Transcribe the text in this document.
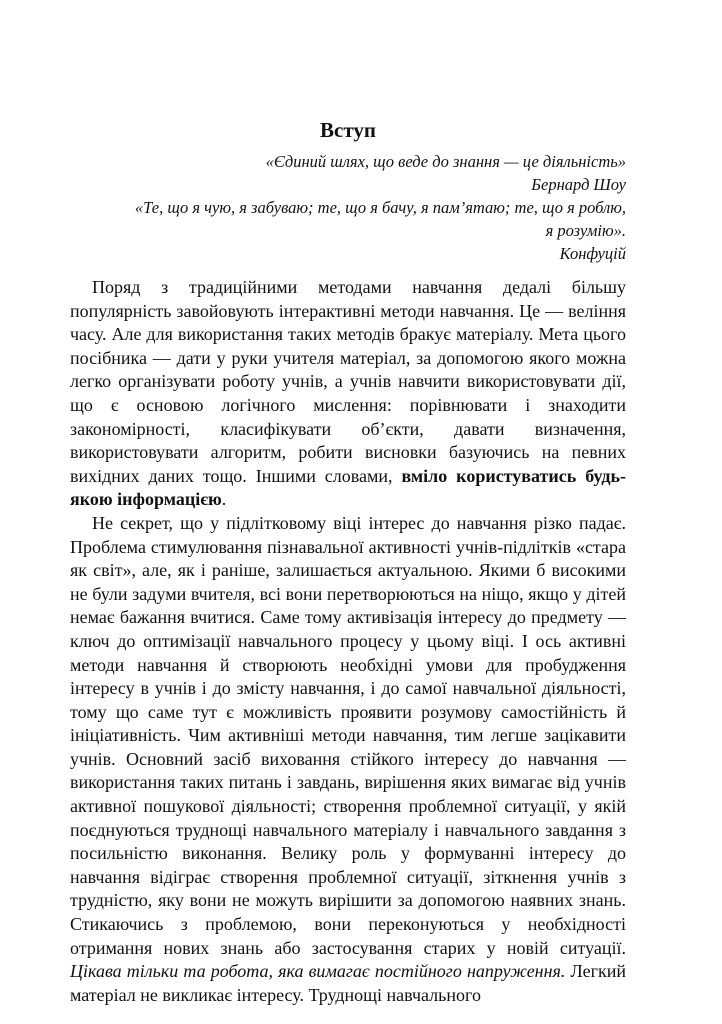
Вступ

«Єдиний шлях, що веде до знання — це діяльність»

Бернард Шоу

«Те, що я чую, я забуваю; те, що я бачу, я пам’ятаю; те, що я роблю, я розумію».

Конфуцій

Поряд з традиційними методами навчання дедалі більшу популярність завойовують інтерактивні методи навчання. Це — веління часу. Але для використання таких методів бракує матеріалу. Мета цього посібника — дати у руки учителя матеріал, за допомогою якого можна легко організувати роботу учнів, а учнів навчити використовувати дії, що є основою логічного мислення: порівнювати і знаходити закономірності, класифікувати об’єкти, давати визначення, використовувати алгоритм, робити висновки базуючись на певних вихідних даних тощо. Іншими словами, вміло користуватись будь-якою інформацією.

Не секрет, що у підлітковому віці інтерес до навчання різко падає. Проблема стимулювання пізнавальної активності учнів-підлітків «стара як світ», але, як і раніше, залишається актуальною. Якими б високими не були задуми вчителя, всі вони перетворюються на ніщо, якщо у дітей немає бажання вчитися. Саме тому активізація інтересу до предмету — ключ до оптимізації навчального процесу у цьому віці. І ось активні методи навчання й створюють необхідні умови для пробудження інтересу в учнів і до змісту навчання, і до самої навчальної діяльності, тому що саме тут є можливість проявити розумову самостійність й ініціативність. Чим активніші методи навчання, тим легше зацікавити учнів. Основний засіб виховання стійкого інтересу до навчання — використання таких питань і завдань, вирішення яких вимагає від учнів активної пошукової діяльності; створення проблемної ситуації, у якій поєднуються труднощі навчального матеріалу і навчального завдання з посильністю виконання. Велику роль у формуванні інтересу до навчання відіграє створення проблемної ситуації, зіткнення учнів з трудністю, яку вони не можуть вирішити за допомогою наявних знань. Стикаючись з проблемою, вони переконуються у необхідності отримання нових знань або застосування старих у новій ситуації. Цікава тільки та робота, яка вимагає постійного напруження. Легкий матеріал не викликає інтересу. Труднощі навчального
